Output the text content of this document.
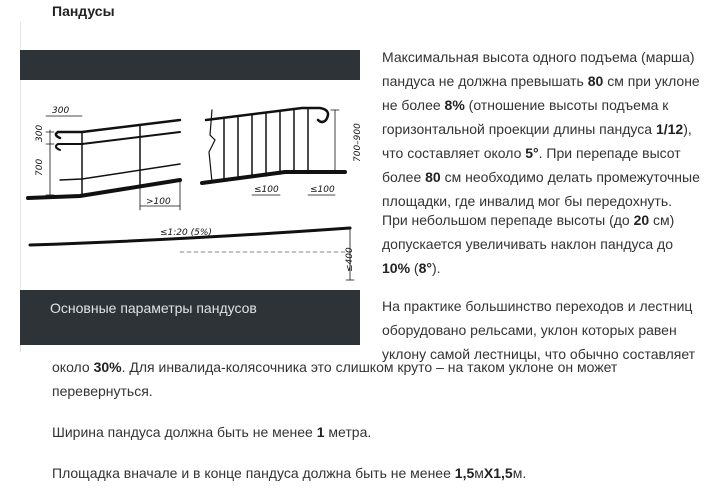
Пандусы
300
300
700
>100
≤100	≤100
700–900
≤1:20 (5%)
≤400
Основные параметры пандусов

Максимальная высота одного подъема (марша) пандуса не должна превышать 80 см при уклоне не более 8% (отношение высоты подъема к горизонтальной проекции длины пандуса 1/12), что составляет около 5°. При перепаде высот более 80 см необходимо делать промежуточные площадки, где инвалид мог бы передохнуть.

При небольшом перепаде высоты (до 20 см) допускается увеличивать наклон пандуса до 10% (8°).

На практике большинство переходов и лестниц оборудовано рельсами, уклон которых равен уклону самой лестницы, что обычно составляет

около 30%. Для инвалида-колясочника это слишком круто – на таком уклоне он может перевернуться.

Ширина пандуса должна быть не менее 1 метра.

Площадка вначале и в конце пандуса должна быть не менее 1,5мX1,5м.
